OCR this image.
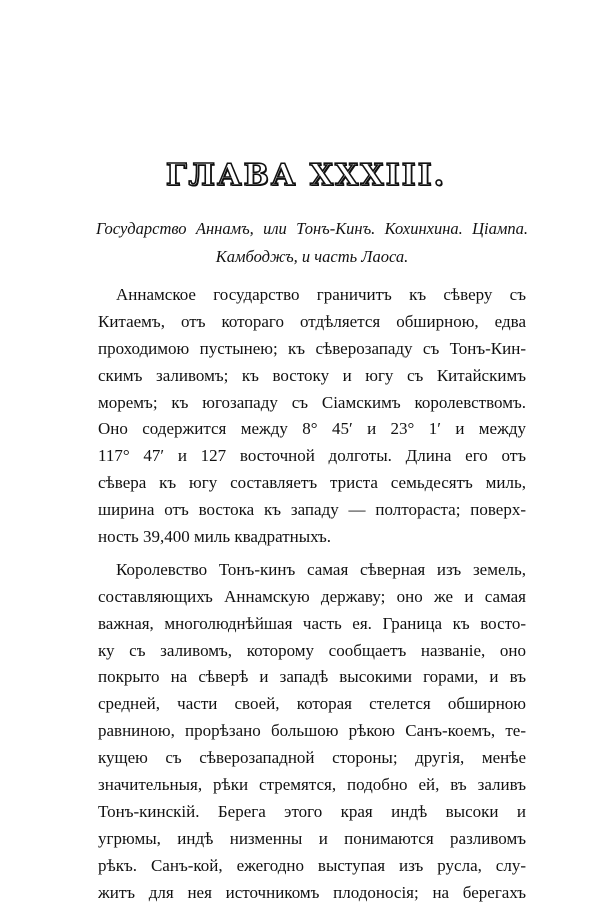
ГЛАВА XXXIII.
Государство Аннамъ, или Тонъ-Кинъ. Кохинхина. Ціампа.
Камбоджъ, и часть Лаоса.
Аннамское государство граничитъ къ сѣверу съ
Китаемъ, отъ котораго отдѣляется обширною, едва
проходимою пустынею; къ сѣверозападу съ Тонъ-Кин-
скимъ заливомъ; къ востоку и югу съ Китайскимъ
моремъ; къ югозападу съ Сіамскимъ королевствомъ.
Оно содержится между 8° 45′ и 23° 1′ и между
117° 47′ и 127 восточной долготы. Длина его отъ
сѣвера къ югу составляетъ триста семьдесятъ миль,
ширина отъ востока къ западу — полтораста; поверх-
ность 39,400 миль квадратныхъ.
Королевство Тонъ-кинъ самая сѣверная изъ земель,
составляющихъ Аннамскую державу; оно же и самая
важная, многолюднѣйшая часть ея. Граница къ восто-
ку съ заливомъ, которому сообщаетъ названіе, оно
покрыто на сѣверѣ и западѣ высокими горами, и въ
средней, части своей, которая стелется обширною
равниною, прорѣзано большою рѣкою Санъ-коемъ, те-
кущею съ сѣверозападной стороны; другія, менѣе
значительныя, рѣки стремятся, подобно ей, въ заливъ
Тонъ-кинскій. Берега этого края индѣ высоки и
угрюмы, индѣ низменны и понимаются разливомъ
рѣкъ. Санъ-кой, ежегодно выступая изъ русла, слу-
житъ для нея источникомъ плодоносія; на берегахъ
